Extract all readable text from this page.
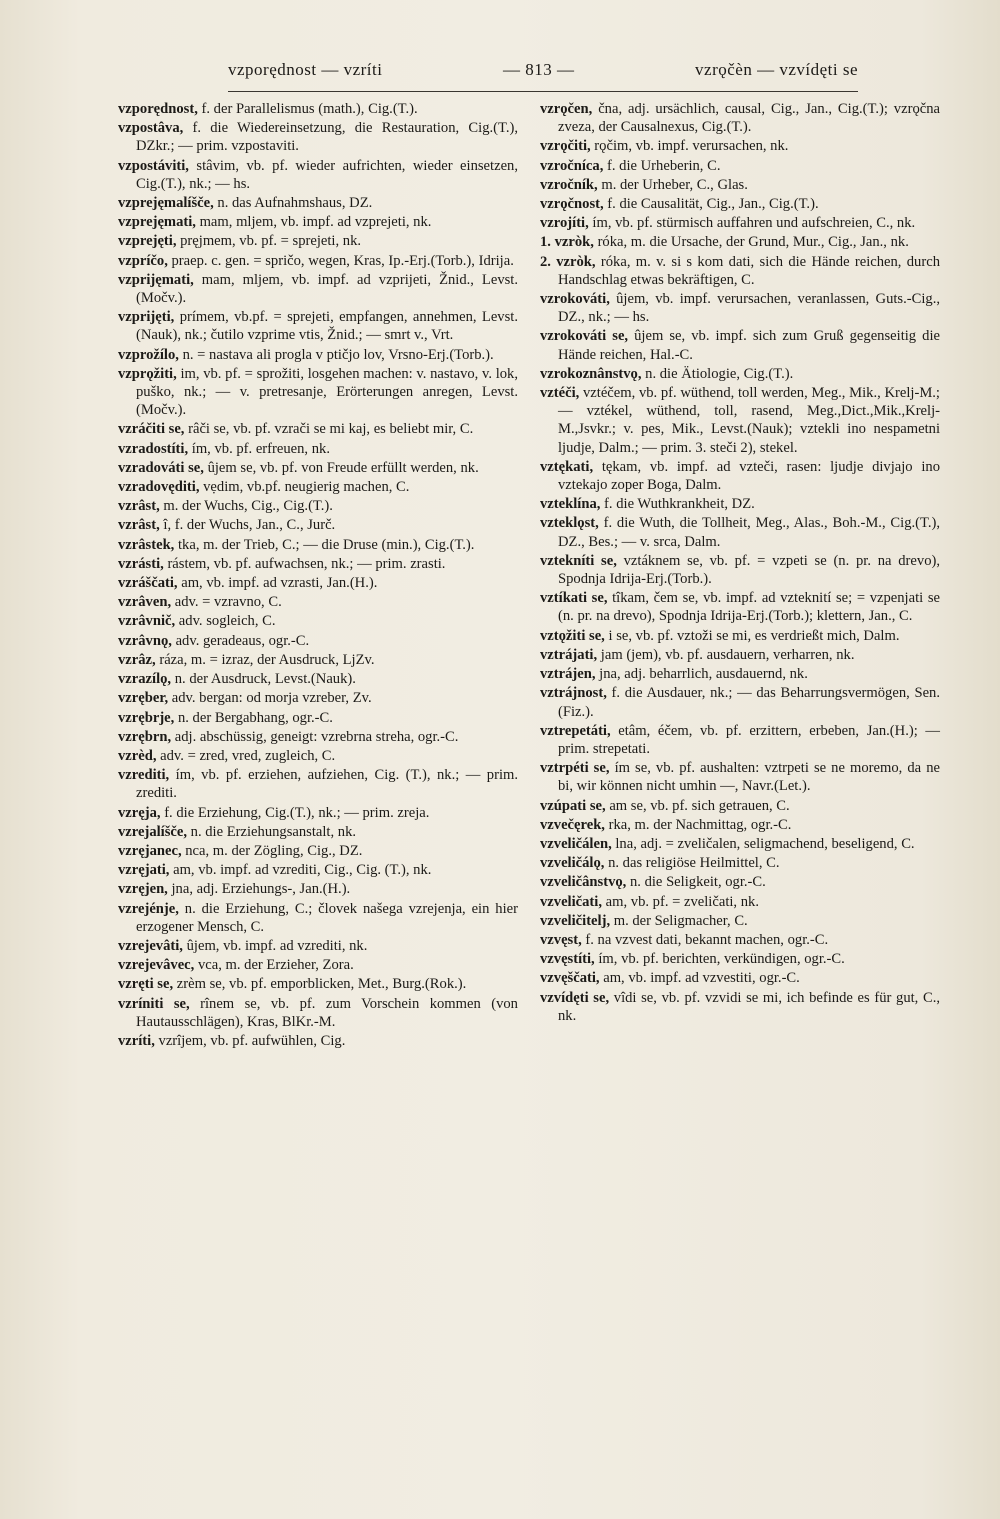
vzporędnost — vzríti	— 813 —	vzrǫčèn — vzvídęti se

vzporędnost, f. der Parallelismus (math.), Cig.(T.).

vzpostâva, f. die Wiedereinsetzung, die Restauration, Cig.(T.), DZkr.; — prim. vzpostaviti.

vzpostáviti, stâvim, vb. pf. wieder aufrichten, wieder einsetzen, Cig.(T.), nk.; — hs.

vzprejęmalíšče, n. das Aufnahmshaus, DZ.

vzprejęmati, mam, mljem, vb. impf. ad vzprejeti, nk.

vzprejęti, pręjmem, vb. pf. = sprejeti, nk.

vzpríčo, praep. c. gen. = spričo, wegen, Kras, Ip.-Erj.(Torb.), Idrija.

vzprijęmati, mam, mljem, vb. impf. ad vzprijeti, Žnid., Levst.(Močv.).

vzprijęti, prímem, vb.pf. = sprejeti, empfangen, annehmen, Levst.(Nauk), nk.; čutilo vzprime vtis, Žnid.; — smrt v., Vrt.

vzprožílo, n. = nastava ali progla v ptičjo lov, Vrsno-Erj.(Torb.).

vzprǫžiti, im, vb. pf. = sprožiti, losgehen machen: v. nastavo, v. lok, puško, nk.; — v. pretresanje, Erörterungen anregen, Levst.(Močv.).

vzráčiti se, râči se, vb. pf. vzrači se mi kaj, es beliebt mir, C.

vzradostíti, ím, vb. pf. erfreuen, nk.

vzradováti se, ûjem se, vb. pf. von Freude erfüllt werden, nk.

vzradovęditi, vẹdim, vb.pf. neugierig machen, C.

vzrâst, m. der Wuchs, Cig., Cig.(T.).

vzrâst, î, f. der Wuchs, Jan., C., Jurč.

vzrâstek, tka, m. der Trieb, C.; — die Druse (min.), Cig.(T.).

vzrásti, rástem, vb. pf. aufwachsen, nk.; — prim. zrasti.

vzráščati, am, vb. impf. ad vzrasti, Jan.(H.).

vzrâven, adv. = vzravno, C.

vzrâvnič, adv. sogleich, C.

vzrâvnǫ, adv. geradeaus, ogr.-C.

vzrâz, ráza, m. = izraz, der Ausdruck, LjZv.

vzrazílǫ, n. der Ausdruck, Levst.(Nauk).

vzręber, adv. bergan: od morja vzreber, Zv.

vzrębrje, n. der Bergabhang, ogr.-C.

vzrębrn, adj. abschüssig, geneigt: vzrebrna streha, ogr.-C.

vzrèd, adv. = zred, vred, zugleich, C.

vzrediti, ím, vb. pf. erziehen, aufziehen, Cig. (T.), nk.; — prim. zrediti.

vzręja, f. die Erziehung, Cig.(T.), nk.; — prim. zreja.

vzrejalíšče, n. die Erziehungsanstalt, nk.

vzręjanec, nca, m. der Zögling, Cig., DZ.

vzręjati, am, vb. impf. ad vzrediti, Cig., Cig. (T.), nk.

vzręjen, jna, adj. Erziehungs-, Jan.(H.).

vzrejénje, n. die Erziehung, C.; človek našega vzrejenja, ein hier erzogener Mensch, C.

vzrejevâti, ûjem, vb. impf. ad vzrediti, nk.

vzrejevâvec, vca, m. der Erzieher, Zora.

vzręti se, zrèm se, vb. pf. emporblicken, Met., Burg.(Rok.).

vzríniti se, rînem se, vb. pf. zum Vorschein kommen (von Hautausschlägen), Kras, BlKr.-M.

vzríti, vzrîjem, vb. pf. aufwühlen, Cig.

vzrǫčen, čna, adj. ursächlich, causal, Cig., Jan., Cig.(T.); vzrǫčna zveza, der Causalnexus, Cig.(T.).

vzrǫčiti, rǫčim, vb. impf. verursachen, nk.

vzročníca, f. die Urheberin, C.

vzročník, m. der Urheber, C., Glas.

vzrǫčnost, f. die Causalität, Cig., Jan., Cig.(T.).

vzrojíti, ím, vb. pf. stürmisch auffahren und aufschreien, C., nk.

1. vzròk, róka, m. die Ursache, der Grund, Mur., Cig., Jan., nk.

2. vzròk, róka, m. v. si s kom dati, sich die Hände reichen, durch Handschlag etwas bekräftigen, C.

vzrokováti, ûjem, vb. impf. verursachen, veranlassen, Guts.-Cig., DZ., nk.; — hs.

vzrokováti se, ûjem se, vb. impf. sich zum Gruß gegenseitig die Hände reichen, Hal.-C.

vzrokoznânstvǫ, n. die Ätiologie, Cig.(T.).

vztéči, vztéčem, vb. pf. wüthend, toll werden, Meg., Mik., Krelj-M.; — vztékel, wüthend, toll, rasend, Meg.,Dict.,Mik.,Krelj-M.,Jsvkr.; v. pes, Mik., Levst.(Nauk); vztekli ino nespametni ljudje, Dalm.; — prim. 3. steči 2), stekel.

vztękati, tękam, vb. impf. ad vzteči, rasen: ljudje divjajo ino vztekajo zoper Boga, Dalm.

vzteklína, f. die Wuthkrankheit, DZ.

vzteklǫst, f. die Wuth, die Tollheit, Meg., Alas., Boh.-M., Cig.(T.), DZ., Bes.; — v. srca, Dalm.

vztekníti se, vztáknem se, vb. pf. = vzpeti se (n. pr. na drevo), Spodnja Idrija-Erj.(Torb.).

vztíkati se, tîkam, čem se, vb. impf. ad vzteknití se; = vzpenjati se (n. pr. na drevo), Spodnja Idrija-Erj.(Torb.); klettern, Jan., C.

vztǫžiti se, i se, vb. pf. vztoži se mi, es verdrießt mich, Dalm.

vztrájati, jam (jem), vb. pf. ausdauern, verharren, nk.

vztrájen, jna, adj. beharrlich, ausdauernd, nk.

vztrájnost, f. die Ausdauer, nk.; — das Beharrungsvermögen, Sen.(Fiz.).

vztrepetáti, etâm, éčem, vb. pf. erzittern, erbeben, Jan.(H.); — prim. strepetati.

vztrpéti se, ím se, vb. pf. aushalten: vztrpeti se ne moremo, da ne bi, wir können nicht umhin —, Navr.(Let.).

vzúpati se, am se, vb. pf. sich getrauen, C.

vzvečęrek, rka, m. der Nachmittag, ogr.-C.

vzveličálen, lna, adj. = zveličalen, seligmachend, beseligend, C.

vzveličálǫ, n. das religiöse Heilmittel, C.

vzveličânstvǫ, n. die Seligkeit, ogr.-C.

vzveličati, am, vb. pf. = zveličati, nk.

vzveličitelj, m. der Seligmacher, C.

vzvęst, f. na vzvest dati, bekannt machen, ogr.-C.

vzvęstíti, ím, vb. pf. berichten, verkündigen, ogr.-C.

vzvęščati, am, vb. impf. ad vzvestiti, ogr.-C.

vzvídęti se, vîdi se, vb. pf. vzvidi se mi, ich befinde es für gut, C., nk.
